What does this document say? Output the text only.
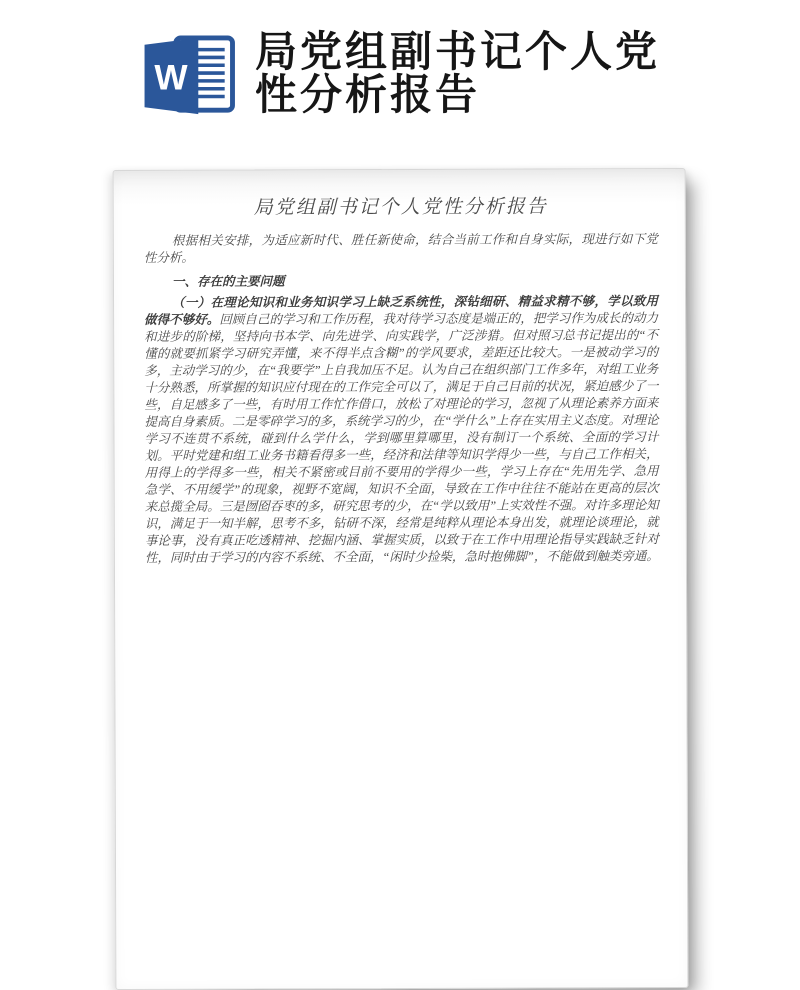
W
局党组副书记个人党性分析报告
局党组副书记个人党性分析报告

根据相关安排，为适应新时代、胜任新使命，结合当前工作和自身实际，现进行如下党性分析。

一、存在的主要问题

（一）在理论知识和业务知识学习上缺乏系统性，深钻细研、精益求精不够，学以致用做得不够好。回顾自己的学习和工作历程，我对待学习态度是端正的，把学习作为成长的动力和进步的阶梯，坚持向书本学、向先进学、向实践学，广泛涉猎。但对照习总书记提出的“不懂的就要抓紧学习研究弄懂，来不得半点含糊”的学风要求，差距还比较大。一是被动学习的多，主动学习的少，在“我要学”上自我加压不足。认为自己在组织部门工作多年，对组工业务十分熟悉，所掌握的知识应付现在的工作完全可以了，满足于自己目前的状况，紧迫感少了一些，自足感多了一些，有时用工作忙作借口，放松了对理论的学习，忽视了从理论素养方面来提高自身素质。二是零碎学习的多，系统学习的少，在“学什么”上存在实用主义态度。对理论学习不连贯不系统，碰到什么学什么，学到哪里算哪里，没有制订一个系统、全面的学习计划。平时党建和组工业务书籍看得多一些，经济和法律等知识学得少一些，与自己工作相关，用得上的学得多一些，相关不紧密或目前不要用的学得少一些，学习上存在“先用先学、急用急学、不用缓学”的现象，视野不宽阔，知识不全面，导致在工作中往往不能站在更高的层次来总揽全局。三是囫囵吞枣的多，研究思考的少，在“学以致用”上实效性不强。对许多理论知识，满足于一知半解，思考不多，钻研不深，经常是纯粹从理论本身出发，就理论谈理论，就事论事，没有真正吃透精神、挖掘内涵、掌握实质，以致于在工作中用理论指导实践缺乏针对性，同时由于学习的内容不系统、不全面，“闲时少捡柴，急时抱佛脚”，不能做到触类旁通。
